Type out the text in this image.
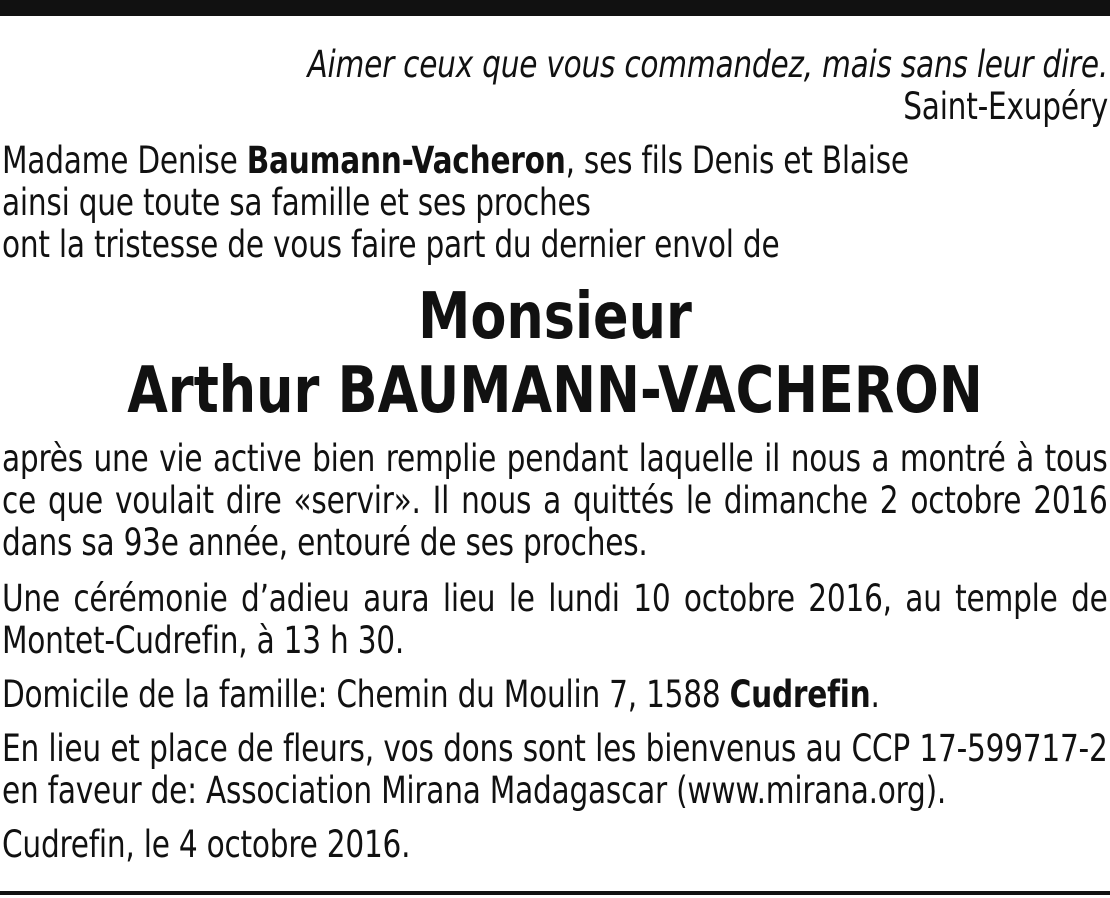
Aimer ceux que vous commandez, mais sans leur dire.
Saint-Exupéry
Madame Denise Baumann-Vacheron, ses fils Denis et Blaise
ainsi que toute sa famille et ses proches
ont la tristesse de vous faire part du dernier envol de
Monsieur
Arthur BAUMANN-VACHERON
après une vie active bien remplie pendant laquelle il nous a montré à tous ce que voulait dire «servir». Il nous a quittés le dimanche 2 octobre 2016 dans sa 93e année, entouré de ses proches.
Une cérémonie d’adieu aura lieu le lundi 10 octobre 2016, au temple de Montet-Cudrefin, à 13 h 30.
Domicile de la famille: Chemin du Moulin 7, 1588 Cudrefin.
En lieu et place de fleurs, vos dons sont les bienvenus au CCP 17-599717-2 en faveur de: Association Mirana Madagascar (www.mirana.org).
Cudrefin, le 4 octobre 2016.
